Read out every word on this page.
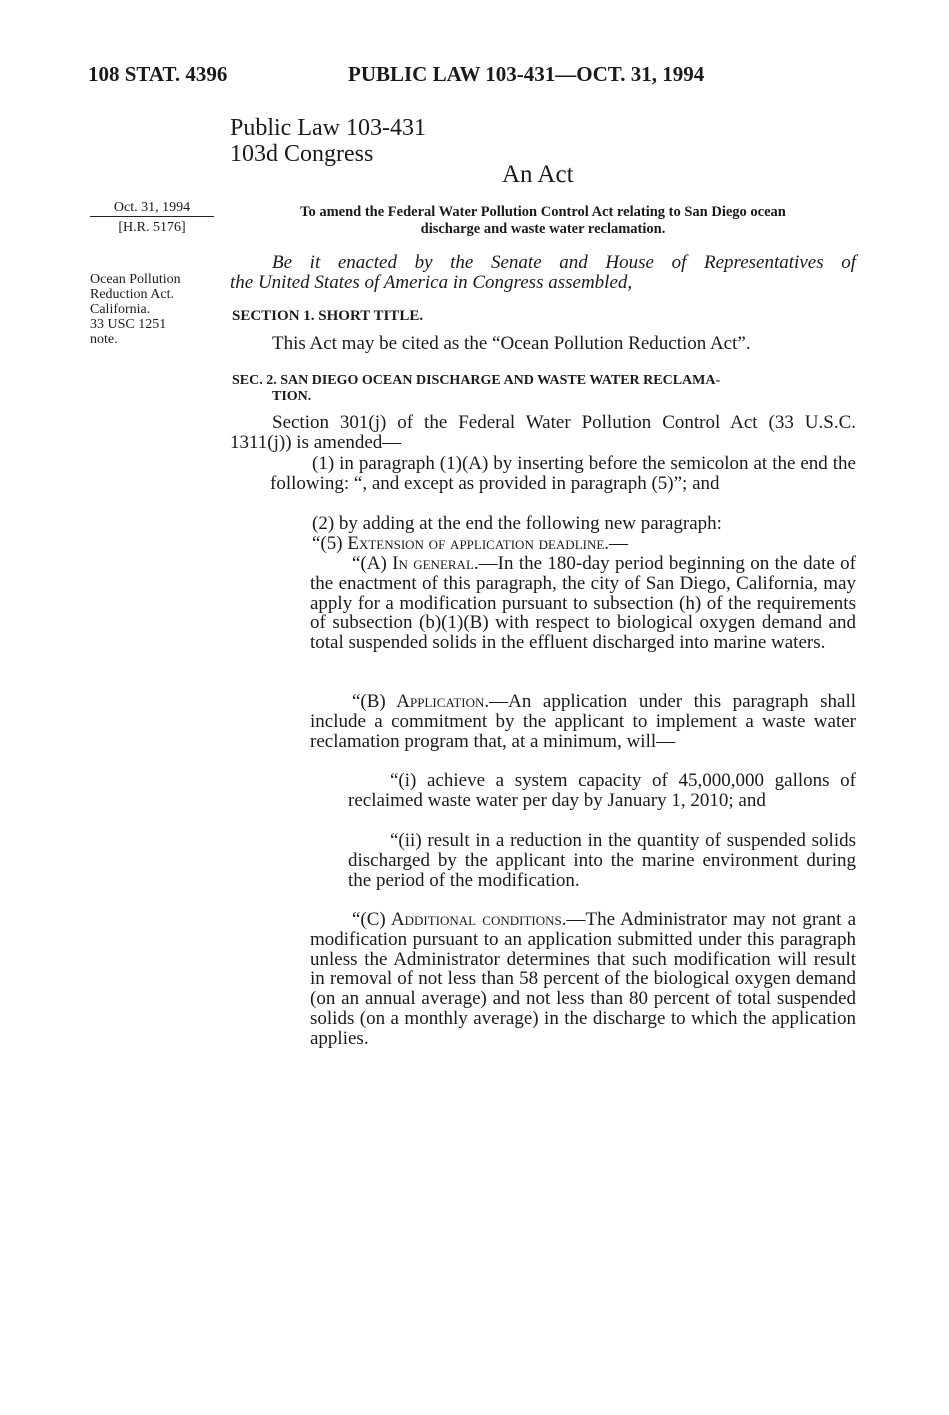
108 STAT. 4396	PUBLIC LAW 103-431—OCT. 31, 1994
Public Law 103-431
103d Congress
An Act
Oct. 31, 1994
[H.R. 5176]
Ocean Pollution
Reduction Act.
California.
33 USC 1251
note.
To amend the Federal Water Pollution Control Act relating to San Diego ocean
discharge and waste water reclamation.
Be it enacted by the Senate and House of Representatives of
the United States of America in Congress assembled,
SECTION 1. SHORT TITLE.
This Act may be cited as the “Ocean Pollution Reduction Act”.
SEC. 2. SAN DIEGO OCEAN DISCHARGE AND WASTE WATER RECLAMA-
TION.

Section 301(j) of the Federal Water Pollution Control Act (33 U.S.C. 1311(j)) is amended—

(1) in paragraph (1)(A) by inserting before the semicolon at the end the following: “, and except as provided in paragraph (5)”; and

(2) by adding at the end the following new paragraph:

“(5) Extension of application deadline.—

“(A) In general.—In the 180-day period beginning on the date of the enactment of this paragraph, the city of San Diego, California, may apply for a modification pursuant to subsection (h) of the requirements of subsection (b)(1)(B) with respect to biological oxygen demand and total suspended solids in the effluent discharged into marine waters.

“(B) Application.—An application under this paragraph shall include a commitment by the applicant to implement a waste water reclamation program that, at a minimum, will—

“(i) achieve a system capacity of 45,000,000 gallons of reclaimed waste water per day by January 1, 2010; and

“(ii) result in a reduction in the quantity of suspended solids discharged by the applicant into the marine environment during the period of the modification.

“(C) Additional conditions.—The Administrator may not grant a modification pursuant to an application submitted under this paragraph unless the Administrator determines that such modification will result in removal of not less than 58 percent of the biological oxygen demand (on an annual average) and not less than 80 percent of total suspended solids (on a monthly average) in the discharge to which the application applies.
